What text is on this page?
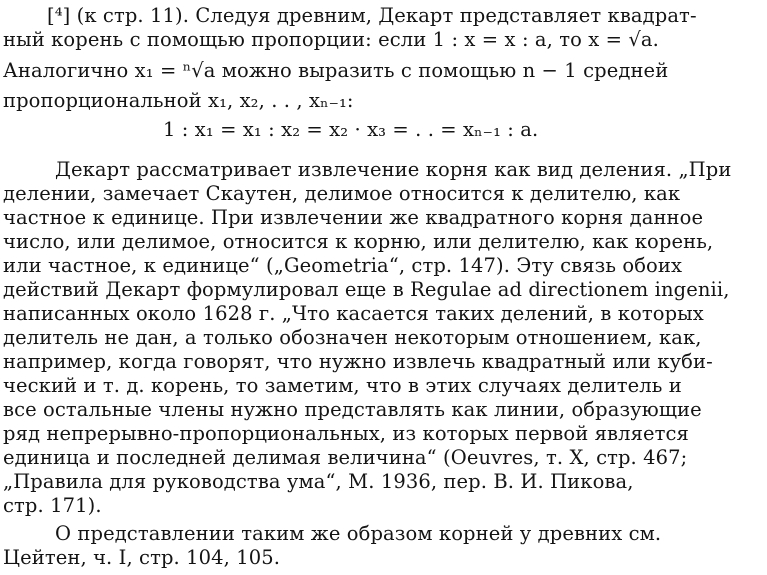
[⁴] (к стр. 11). Следуя древним, Декарт представляет квадрат-
ный корень с помощью пропорции: если 1 : x = x : a, то x = √a.
Аналогично x₁ = ⁿ√a можно выразить с помощью n − 1 средней
пропорциональной x₁, x₂, . . , xₙ₋₁:
1 : x₁ = x₁ : x₂ = x₂ · x₃ = . . = xₙ₋₁ : a.
Декарт рассматривает извлечение корня как вид деления. „При
делении, замечает Скаутен, делимое относится к делителю, как
частное к единице. При извлечении же квадратного корня данное
число, или делимое, относится к корню, или делителю, как корень,
или частное, к единице“ („Geometria“, стр. 147). Эту связь обоих
действий Декарт формулировал еще в Regulae ad directionem ingenii,
написанных около 1628 г. „Что касается таких делений, в которых
делитель не дан, а только обозначен некоторым отношением, как,
например, когда говорят, что нужно извлечь квадратный или куби-
ческий и т. д. корень, то заметим, что в этих случаях делитель и
все остальные члены нужно представлять как линии, образующие
ряд непрерывно-пропорциональных, из которых первой является
единица и последней делимая величина“ (Oeuvres, т. X, стр. 467;
„Правила для руководства ума“, М. 1936, пер. В. И. Пикова,
стр. 171).
О представлении таким же образом корней у древних см.
Цейтен, ч. I, стр. 104, 105.
